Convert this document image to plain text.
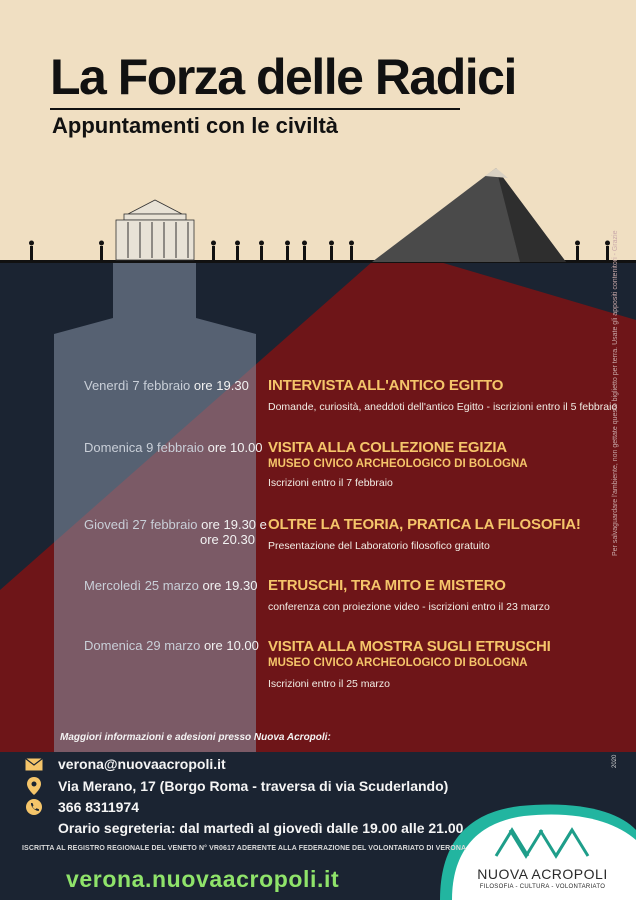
La Forza delle Radici
Appuntamenti con le civiltà
Venerdì 7 febbraio ore 19.30 INTERVISTA ALL'ANTICO EGITTO
Domande, curiosità, aneddoti dell'antico Egitto - iscrizioni entro il 5 febbraio
Domenica 9 febbraio ore 10.00 VISITA ALLA COLLEZIONE EGIZIA
MUSEO CIVICO ARCHEOLOGICO DI BOLOGNA
Iscrizioni entro il 7 febbraio
Giovedì 27 febbraio ore 19.30 e
ore 20.30
OLTRE LA TEORIA, PRATICA LA FILOSOFIA!
Presentazione del Laboratorio filosofico gratuito
Mercoledì 25 marzo ore 19.30 ETRUSCHI, TRA MITO E MISTERO
conferenza con proiezione video - iscrizioni entro il 23 marzo
Domenica 29 marzo ore 10.00 VISITA ALLA MOSTRA SUGLI ETRUSCHI
MUSEO CIVICO ARCHEOLOGICO DI BOLOGNA
Iscrizioni entro il 25 marzo
Per salvaguardare l'ambiente, non gettate questo biglietto per terra. Usate gli appositi contenitori - Grazie
2020
Maggiori informazioni e adesioni presso Nuova Acropoli:
verona@nuovaacropoli.it
Via Merano, 17 (Borgo Roma - traversa di via Scuderlando)
366 8311974
Orario segreteria: dal martedì al giovedì dalle 19.00 alle 21.00
ISCRITTA AL REGISTRO REGIONALE DEL VENETO N° VR0617 ADERENTE ALLA FEDERAZIONE DEL VOLONTARIATO DI VERONA
verona.nuovaacropoli.it	NUOVA ACROPOLI
FILOSOFIA - CULTURA - VOLONTARIATO
